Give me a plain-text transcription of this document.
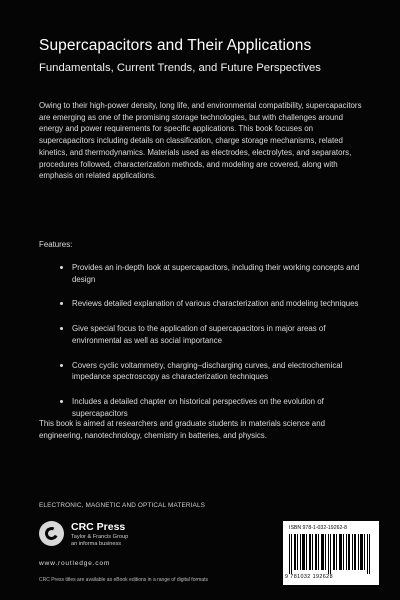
Supercapacitors and Their Applications
Fundamentals, Current Trends, and Future Perspectives
Owing to their high-power density, long life, and environmental compatibility, supercapacitors are emerging as one of the promising storage technologies, but with challenges around energy and power requirements for specific applications. This book focuses on supercapacitors including details on classification, charge storage mechanisms, related kinetics, and thermodynamics. Materials used as electrodes, electrolytes, and separators, procedures followed, characterization methods, and modeling are covered, along with emphasis on related applications.
Features:
Provides an in-depth look at supercapacitors, including their working concepts and design
Reviews detailed explanation of various characterization and modeling techniques
Give special focus to the application of supercapacitors in major areas of environmental as well as social importance
Covers cyclic voltammetry, charging–discharging curves, and electrochemical impedance spectroscopy as characterization techniques
Includes a detailed chapter on historical perspectives on the evolution of supercapacitors
This book is aimed at researchers and graduate students in materials science and engineering, nanotechnology, chemistry in batteries, and physics.
ELECTRONIC, MAGNETIC AND OPTICAL MATERIALS
CRC Press
Taylor & Francis Group
an informa business
www.routledge.com
CRC Press titles are available as eBook editions in a range of digital formats
ISBN 978-1-032-19262-8
9 781032 192628
